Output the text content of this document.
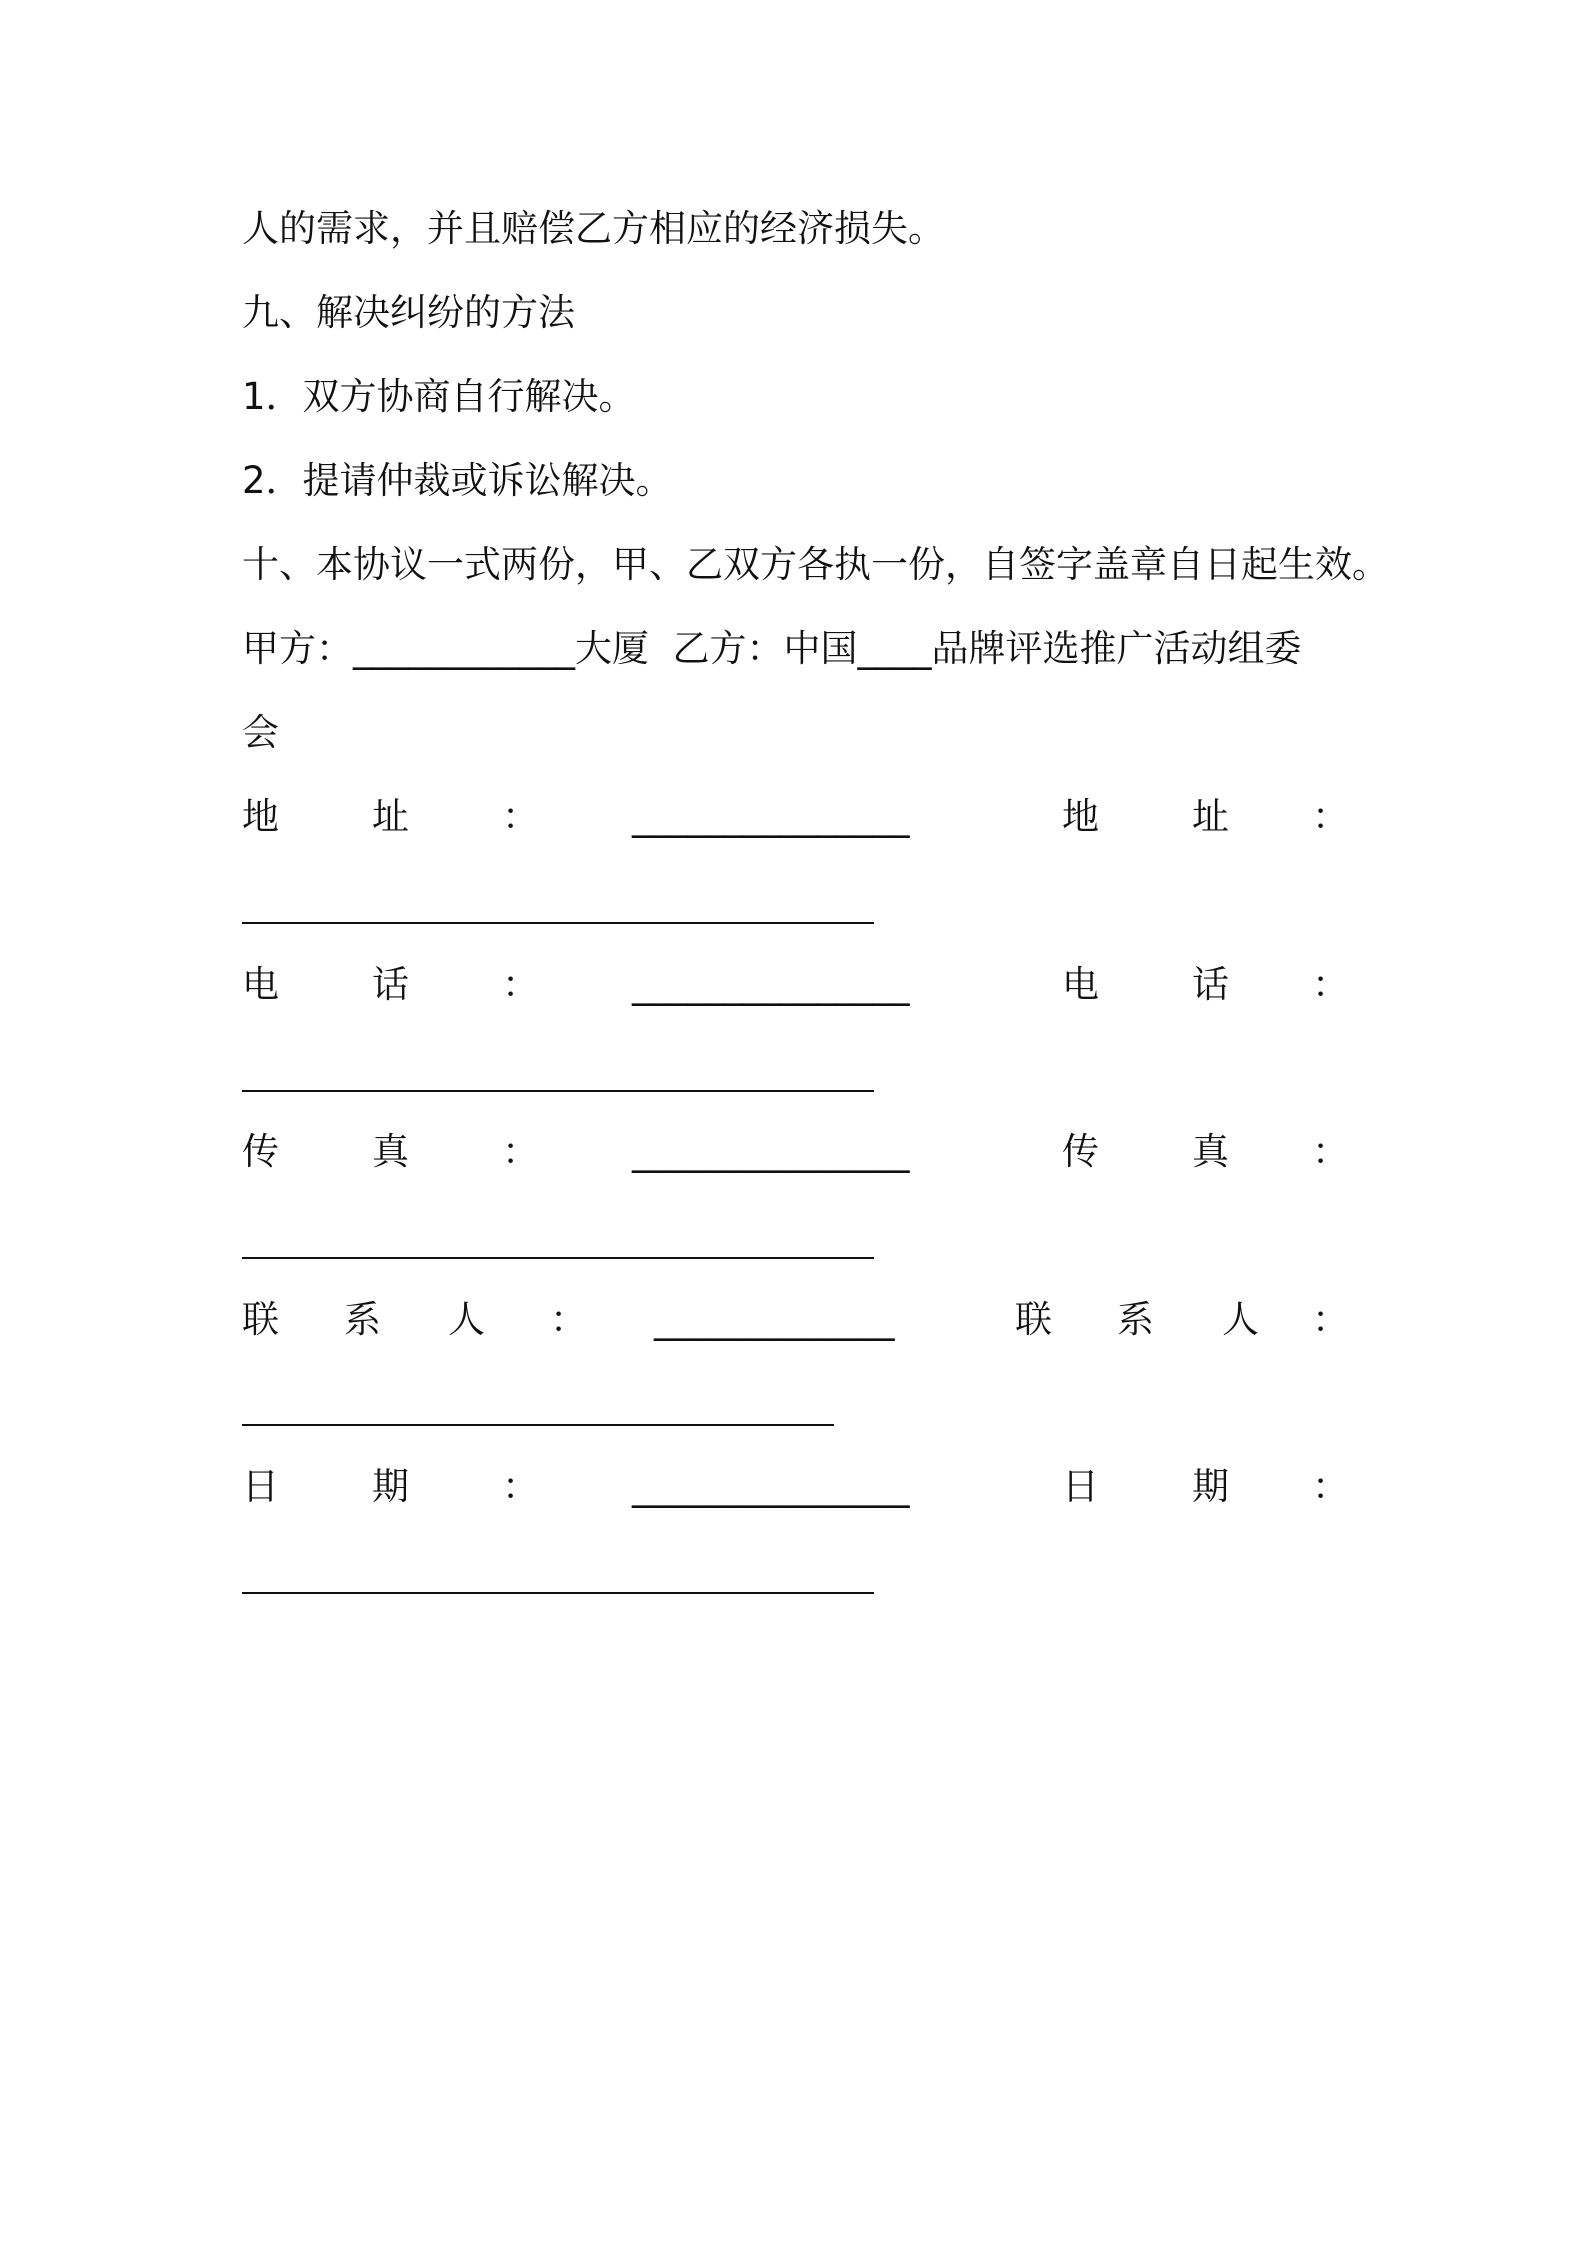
人的需求，并且赔偿乙方相应的经济损失。

九、解决纠纷的方法

1．双方协商自行解决。

2．提请仲裁或诉讼解决。

十、本协议一式两份，甲、乙双方各执一份，自签字盖章自日起生效。

甲方：____________大厦  乙方：中国____品牌评选推广活动组委

会

地	址	：	_______________	地	址 ：
电	话	：	_______________	电	话 ：
传	真	：	_______________	传	真 ：
联 系 人 ： _____________	联 系 人 ：
日	期	：	_______________	日	期 ：
